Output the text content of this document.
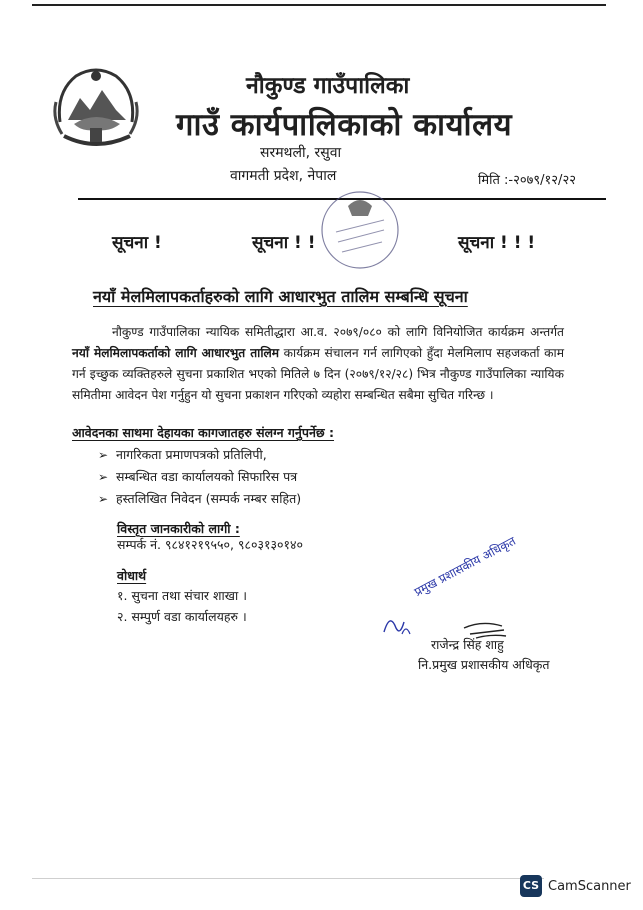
नौकुण्ड गाउँपालिका
गाउँ कार्यपालिकाको कार्यालय
सरमथली, रसुवा
वागमती प्रदेश, नेपाल	मिति :-२०७९/१२/२२
सूचना !	सूचना ! !	सूचना ! ! !
नयाँ मेलमिलापकर्ताहरुको लागि आधारभुत तालिम सम्बन्धि सूचना

नौकुण्ड गाउँपालिका न्यायिक समितीद्धारा आ.व. २०७९/०८० को लागि विनियोजित कार्यक्रम अन्तर्गत नयाँ मेलमिलापकर्ताको लागि आधारभुत तालिम कार्यक्रम संचालन गर्न लागिएको हुँदा मेलमिलाप सहजकर्ता काम गर्न इच्छुक व्यक्तिहरुले सुचना प्रकाशित भएको मितिले ७ दिन (२०७९/१२/२८) भित्र नौकुण्ड गाउँपालिका न्यायिक समितीमा आवेदन पेश गर्नुहुन यो सुचना प्रकाशन गरिएको व्यहोरा सम्बन्धित सबैमा सुचित गरिन्छ ।

आवेदनका साथमा देहायका कागजातहरु संलग्न गर्नुपर्नेछ :
➢ नागरिकता प्रमाणपत्रको प्रतिलिपी,
➢ सम्बन्धित वडा कार्यालयको सिफारिस पत्र
➢ हस्तलिखित निवेदन (सम्पर्क नम्बर सहित)
विस्तृत जानकारीको लागी :
सम्पर्क नं. ९८४१२१९५५०, ९८०३१३०१४०
वोधार्थ
१. सुचना तथा संचार शाखा ।
२. सम्पुर्ण वडा कार्यालयहरु ।
प्रमुख प्रशासकीय अधिकृत
राजेन्द्र सिंह शाहु
नि.प्रमुख प्रशासकीय अधिकृत
CS CamScanner
